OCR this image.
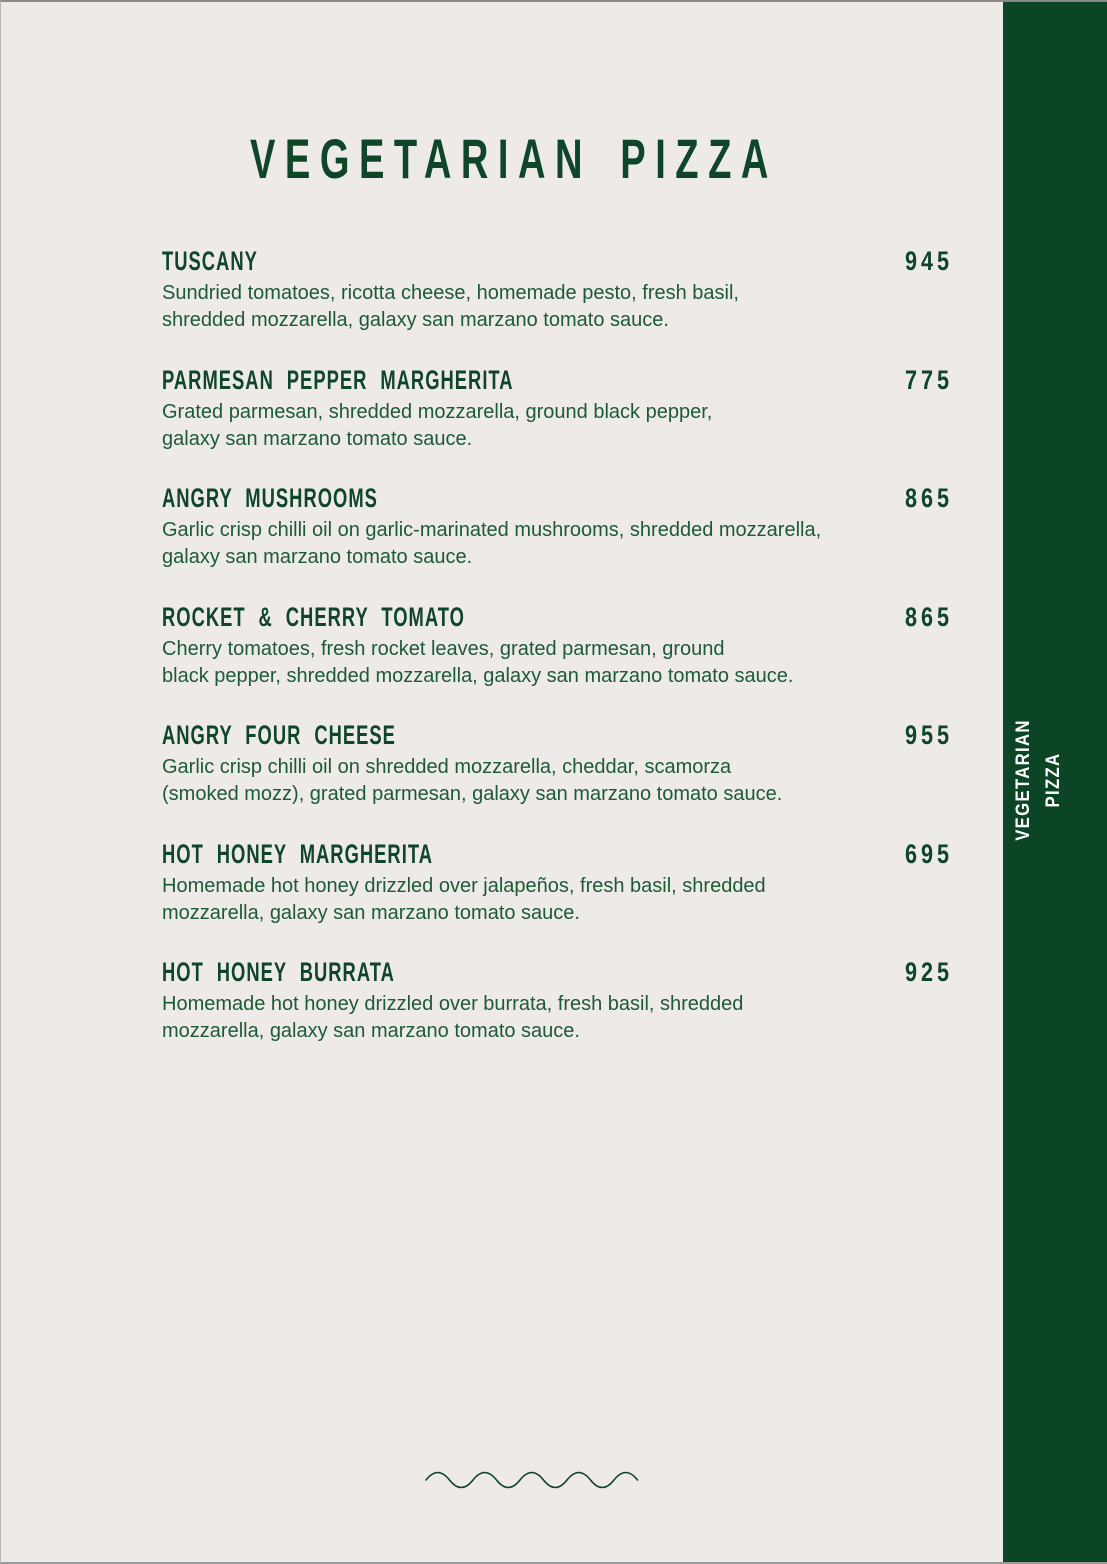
VEGETARIAN PIZZA
TUSCANY	945
Sundried tomatoes, ricotta cheese, homemade pesto, fresh basil,
shredded mozzarella, galaxy san marzano tomato sauce.
PARMESAN PEPPER MARGHERITA	775
Grated parmesan, shredded mozzarella, ground black pepper,
galaxy san marzano tomato sauce.
ANGRY MUSHROOMS	865
Garlic crisp chilli oil on garlic-marinated mushrooms, shredded mozzarella,
galaxy san marzano tomato sauce.
ROCKET & CHERRY TOMATO	865
Cherry tomatoes, fresh rocket leaves, grated parmesan, ground
black pepper, shredded mozzarella, galaxy san marzano tomato sauce.
ANGRY FOUR CHEESE	955
Garlic crisp chilli oil on shredded mozzarella, cheddar, scamorza
(smoked mozz), grated parmesan, galaxy san marzano tomato sauce.
HOT HONEY MARGHERITA	695
Homemade hot honey drizzled over jalapeños, fresh basil, shredded
mozzarella, galaxy san marzano tomato sauce.
HOT HONEY BURRATA	925
Homemade hot honey drizzled over burrata, fresh basil, shredded
mozzarella, galaxy san marzano tomato sauce.
VEGETARIAN PIZZA
